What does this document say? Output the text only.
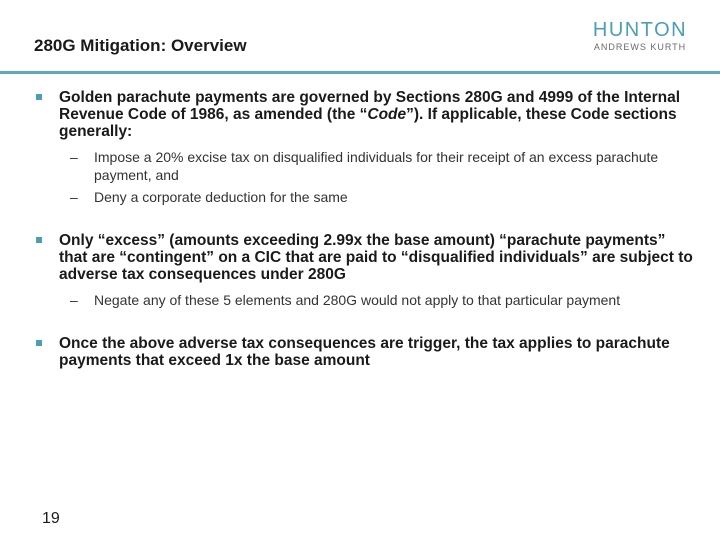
280G Mitigation: Overview
HUNTON
ANDREWS KURTH
Golden parachute payments are governed by Sections 280G and 4999 of the Internal Revenue Code of 1986, as amended (the “Code”). If applicable, these Code sections generally:
– Impose a 20% excise tax on disqualified individuals for their receipt of an excess parachute payment, and
– Deny a corporate deduction for the same
Only “excess” (amounts exceeding 2.99x the base amount) “parachute payments” that are “contingent” on a CIC that are paid to “disqualified individuals” are subject to adverse tax consequences under 280G
– Negate any of these 5 elements and 280G would not apply to that particular payment
Once the above adverse tax consequences are trigger, the tax applies to parachute payments that exceed 1x the base amount
19
